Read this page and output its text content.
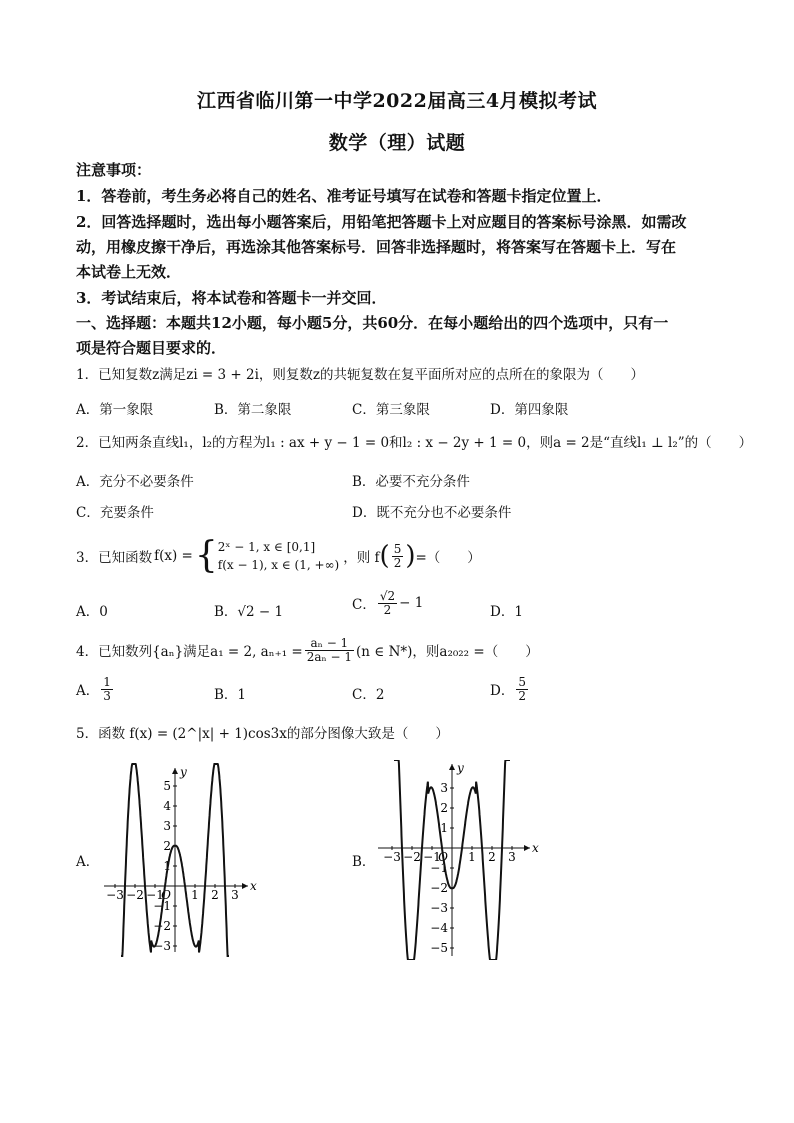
江西省临川第一中学2022届高三4月模拟考试
数学（理）试题
注意事项：
1．答卷前，考生务必将自己的姓名、准考证号填写在试卷和答题卡指定位置上．
2．回答选择题时，选出每小题答案后，用铅笔把答题卡上对应题目的答案标号涂黑．如需改
动，用橡皮擦干净后，再选涂其他答案标号．回答非选择题时，将答案写在答题卡上．写在
本试卷上无效．
3．考试结束后，将本试卷和答题卡一并交回．
一、选择题：本题共12小题，每小题5分，共60分．在每小题给出的四个选项中，只有一
项是符合题目要求的．
1．已知复数z满足zi = 3 + 2i，则复数z的共轭复数在复平面所对应的点所在的象限为（　　）
A．第一象限	B．第二象限	C．第三象限	D．第四象限
2．已知两条直线l₁，l₂的方程为l₁ : ax + y − 1 = 0和l₂ : x − 2y + 1 = 0，则a = 2是“直线l₁ ⊥ l₂”的（　　）
A．充分不必要条件	B．必要不充分条件
C．充要条件	D．既不充分也不必要条件
3．已知函数 f(x) = { 2ˣ − 1, x ∈ [0,1]
f(x − 1), x ∈ (1, +∞) ，则 f ( $\frac{5}{2}$ ) =（　　）
A．0	B．√2 − 1	C． $\frac{√2}{2} - 1$
D．1
4．已知数列{aₙ}满足a₁ = 2, $a_{n+1} = \frac{\text{aₙ − 1}}{\text{2aₙ − 1}} (n$ ∈ N*)，则a₂₀₂₂ =（　　）
A． $\frac{1}{3}$	B．1	C．2	D． $\frac{5}{2}$
5．函数 f(x) = (2^|x| + 1)cos3x的部分图像大致是（　　）
A．	B．
−3 −2 −1 1 2 3
5
4
3
2
1
−1
−2
−3
x
y
O
−3 −2 −1 1 2 3
3
2
1
−1
−2
−3
−4
−5
x
y
O
